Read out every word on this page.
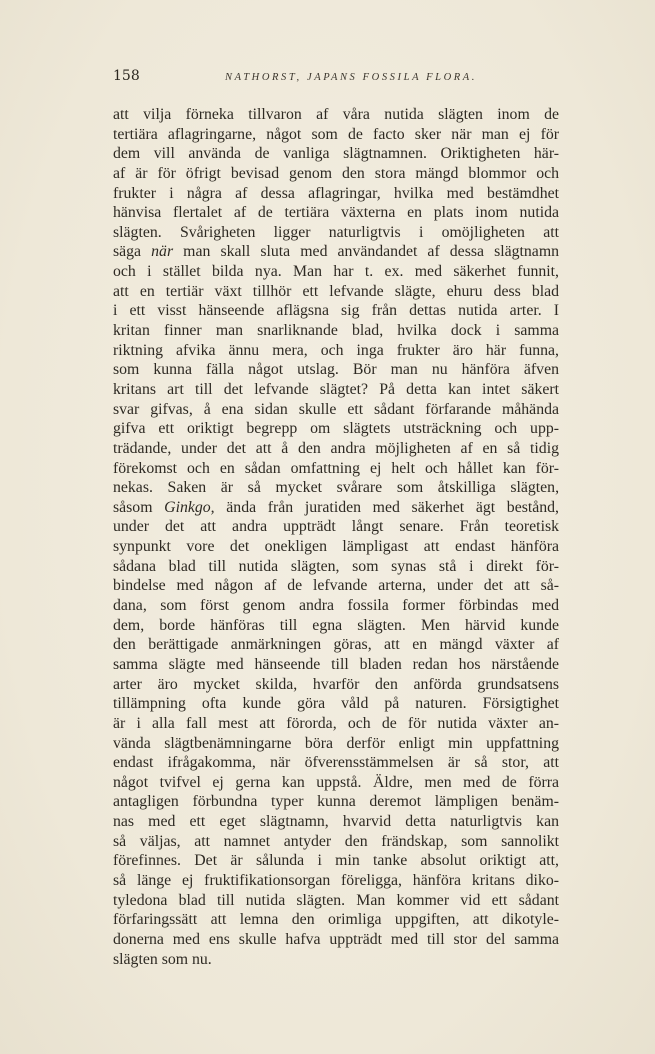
158	NATHORST, JAPANS FOSSILA FLORA.
att vilja förneka tillvaron af våra nutida slägten inom de
tertiära aflagringarne, något som de facto sker när man ej för
dem vill använda de vanliga slägtnamnen. Oriktigheten här-
af är för öfrigt bevisad genom den stora mängd blommor och
frukter i några af dessa aflagringar, hvilka med bestämdhet
hänvisa flertalet af de tertiära växterna en plats inom nutida
slägten. Svårigheten ligger naturligtvis i omöjligheten att
säga när man skall sluta med användandet af dessa slägtnamn
och i stället bilda nya. Man har t. ex. med säkerhet funnit,
att en tertiär växt tillhör ett lefvande slägte, ehuru dess blad
i ett visst hänseende aflägsna sig från dettas nutida arter. I
kritan finner man snarliknande blad, hvilka dock i samma
riktning afvika ännu mera, och inga frukter äro här funna,
som kunna fälla något utslag. Bör man nu hänföra äfven
kritans art till det lefvande slägtet? På detta kan intet säkert
svar gifvas, å ena sidan skulle ett sådant förfarande måhända
gifva ett oriktigt begrepp om slägtets utsträckning och upp-
trädande, under det att å den andra möjligheten af en så tidig
förekomst och en sådan omfattning ej helt och hållet kan för-
nekas. Saken är så mycket svårare som åtskilliga slägten,
såsom Ginkgo, ända från juratiden med säkerhet ägt bestånd,
under det att andra uppträdt långt senare. Från teoretisk
synpunkt vore det onekligen lämpligast att endast hänföra
sådana blad till nutida slägten, som synas stå i direkt för-
bindelse med någon af de lefvande arterna, under det att så-
dana, som först genom andra fossila former förbindas med
dem, borde hänföras till egna slägten. Men härvid kunde
den berättigade anmärkningen göras, att en mängd växter af
samma slägte med hänseende till bladen redan hos närstående
arter äro mycket skilda, hvarför den anförda grundsatsens
tillämpning ofta kunde göra våld på naturen. Försigtighet
är i alla fall mest att förorda, och de för nutida växter an-
vända slägtbenämningarne böra derför enligt min uppfattning
endast ifrågakomma, när öfverensstämmelsen är så stor, att
något tvifvel ej gerna kan uppstå. Äldre, men med de förra
antagligen förbundna typer kunna deremot lämpligen benäm-
nas med ett eget slägtnamn, hvarvid detta naturligtvis kan
så väljas, att namnet antyder den frändskap, som sannolikt
förefinnes. Det är sålunda i min tanke absolut oriktigt att,
så länge ej fruktifikationsorgan föreligga, hänföra kritans diko-
tyledona blad till nutida slägten. Man kommer vid ett sådant
förfaringssätt att lemna den orimliga uppgiften, att dikotyle-
donerna med ens skulle hafva uppträdt med till stor del samma
slägten som nu.
